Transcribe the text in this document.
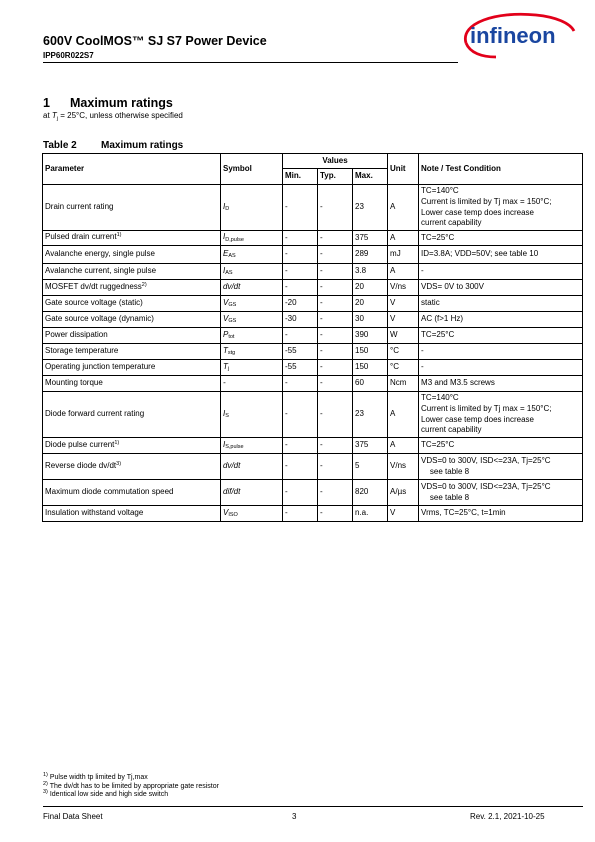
600V CoolMOS™ SJ S7 Power Device
IPP60R022S7
infineon
1 Maximum ratings
at Tj = 25°C, unless otherwise specified
Table 2 Maximum ratings
Parameter	Symbol	Values			Unit	Note / Test Condition
		Min.	Typ.	Max.		
Drain current rating	ID	-	-	23	A	TC=140°C
Current is limited by Tj max = 150°C;
Lower case temp does increase
current capability

Pulsed drain current$^{1)}$	ID,pulse	-	-	375	A	TC=25°C

Avalanche energy, single pulse	EAS	-	-	289	mJ	ID=3.8A; VDD=50V; see table 10

Avalanche current, single pulse	IAS	-	-	3.8	A	-

MOSFET dv/dt ruggedness$^{2)}$	dv/dt	-	-	20	V/ns	VDS= 0V to 300V

Gate source voltage (static)	VGS	-20	-	20	V	static

Gate source voltage (dynamic)	VGS	-30	-	30	V	AC (f>1 Hz)

Power dissipation	Ptot	-	-	390	W	TC=25°C

Storage temperature	Tstg	-55	-	150	°C	-

Operating junction temperature	Tj	-55	-	150	°C	-

Mounting torque	-	-	-	60	Ncm	M3 and M3.5 screws

Diode forward current rating	IS	-	-	23	A	TC=140°C
Current is limited by Tj max = 150°C;
Lower case temp does increase
current capability

Diode pulse current$^{1)}$	IS,pulse	-	-	375	A	TC=25°C

Reverse diode $dv/dt^{3)}$	dv/dt	-	-	5	V/ns	VDS=0 to 300V, ISD<=23A, Tj=25°C
see table 8

Maximum diode commutation speed	dif/dt	-	-	820	A/µs	VDS=0 to 300V, ISD<=23A, Tj=25°C
see table 8

Insulation withstand voltage	VISO	-	-	n.a.	V	Vrms, TC=25°C, t=1min
$^{1)}$ Pulse width tp limited by Tj,max
$^{2)}$ The dv/dt has to be limited by appropriate gate resistor
$^{3)}$ Identical low side and high side switch
Final Data Sheet	3	Rev. 2.1, 2021-10-25
